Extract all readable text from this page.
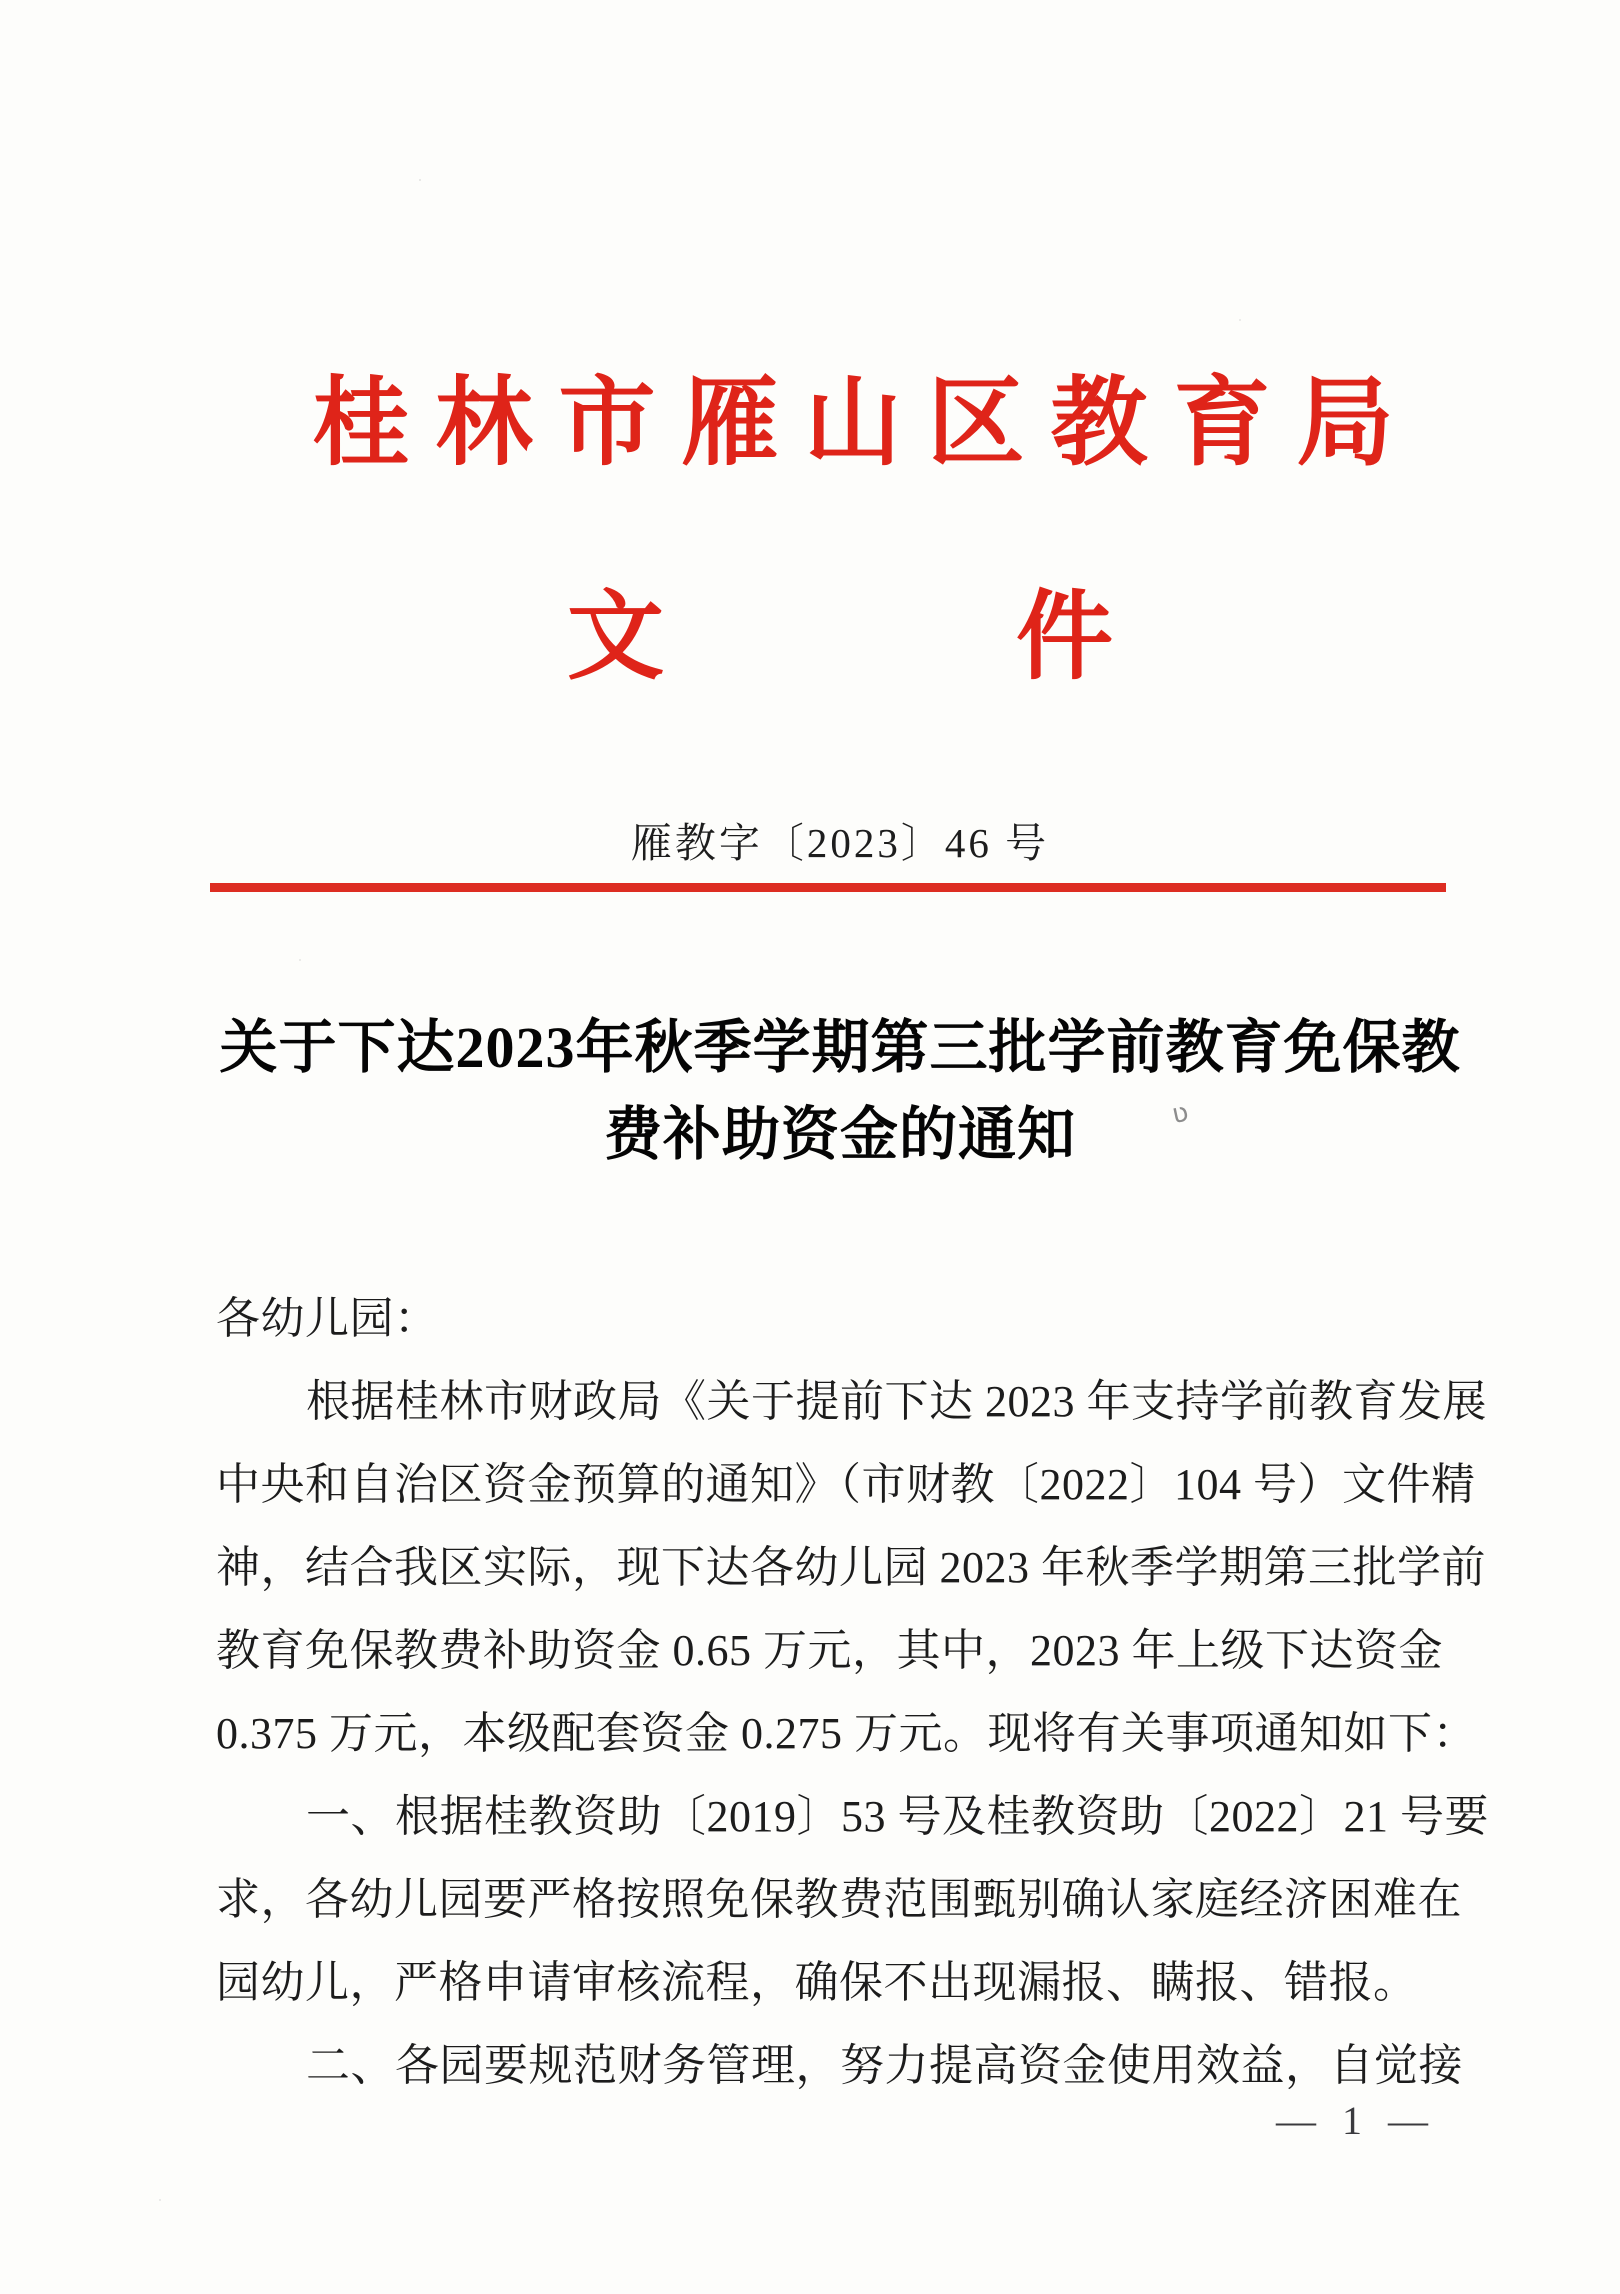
桂林市雁山区教育局
文	件
雁教字〔2023〕46 号
关于下达2023年秋季学期第三批学前教育免保教
费补助资金的通知	ʋ
各幼儿园：
根据桂林市财政局《关于提前下达 2023 年支持学前教育发展
中央和自治区资金预算的通知》（市财教〔2022〕104 号）文件精
神，结合我区实际，现下达各幼儿园 2023 年秋季学期第三批学前
教育免保教费补助资金 0.65 万元，其中，2023 年上级下达资金
0.375 万元，本级配套资金 0.275 万元。现将有关事项通知如下：
一、根据桂教资助〔2019〕53 号及桂教资助〔2022〕21 号要
求，各幼儿园要严格按照免保教费范围甄别确认家庭经济困难在
园幼儿，严格申请审核流程，确保不出现漏报、瞒报、错报。
二、各园要规范财务管理，努力提高资金使用效益，自觉接
— 1 —
